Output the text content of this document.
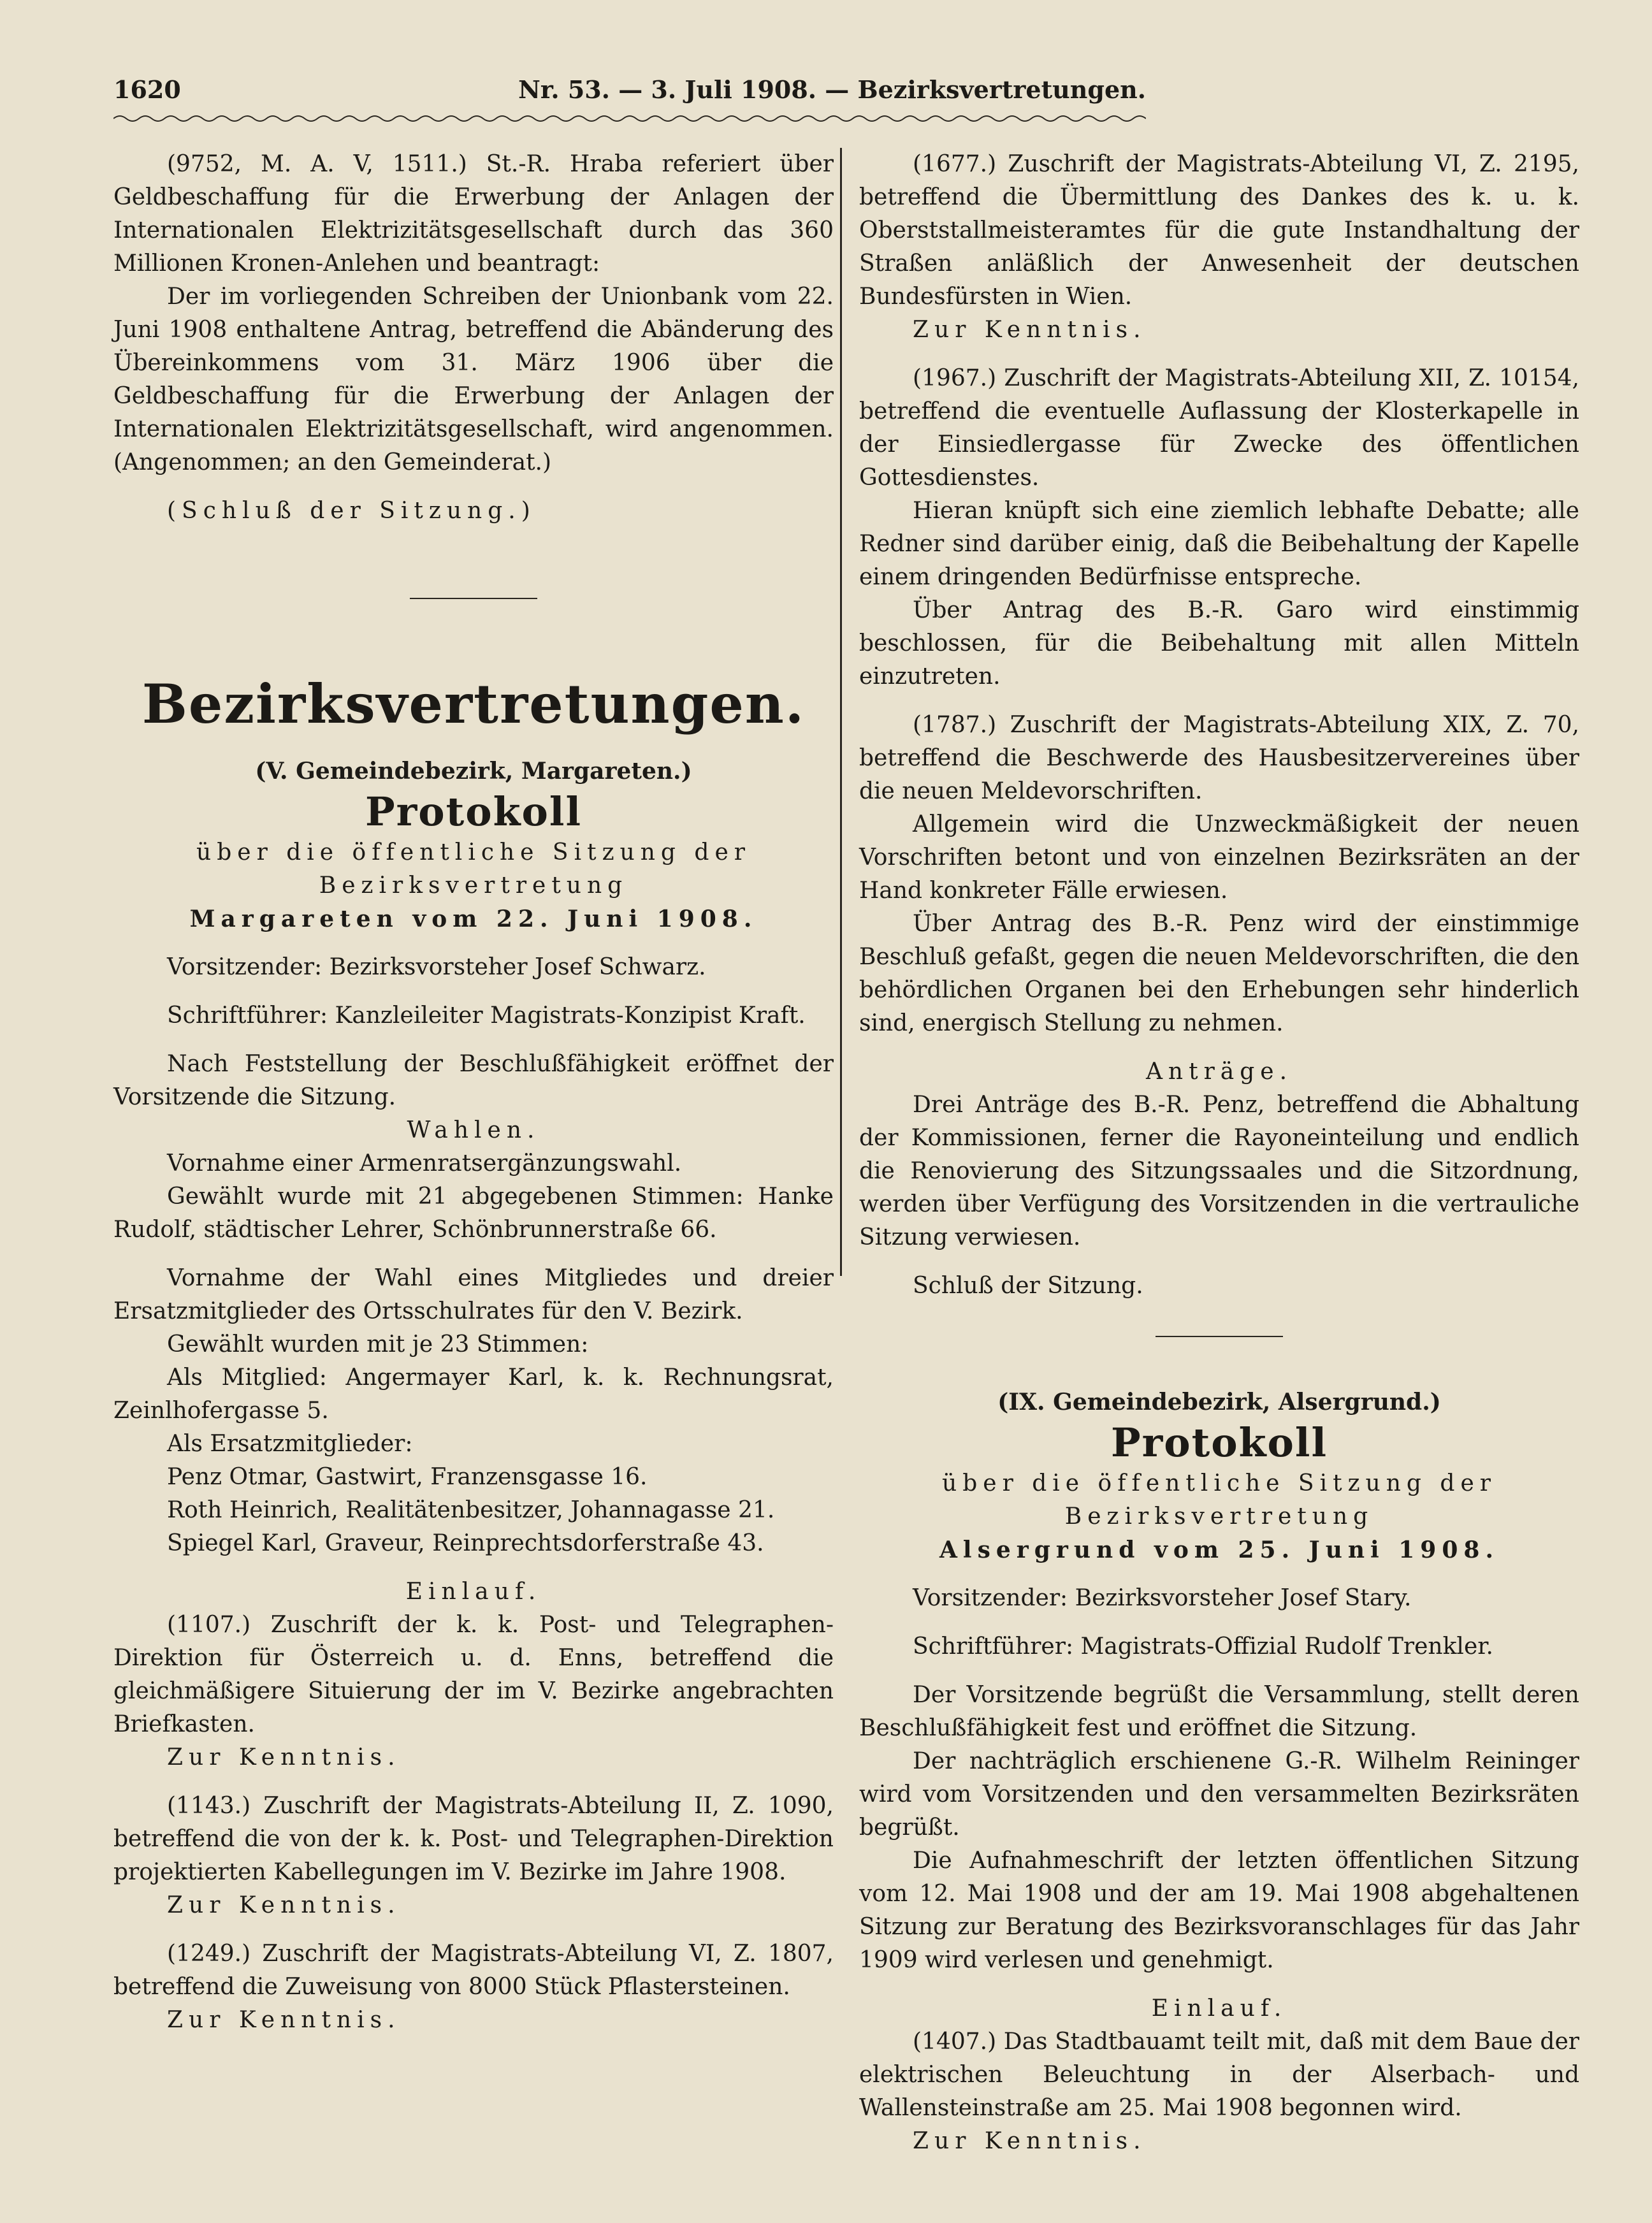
1620	Nr. 53. — 3. Juli 1908. — Bezirksvertretungen.

(9752, M. A. V, 1511.) St.-R. Hraba referiert über Geldbeschaffung für die Erwerbung der Anlagen der Internationalen Elektrizitätsgesellschaft durch das 360 Millionen Kronen-Anlehen und beantragt:

Der im vorliegenden Schreiben der Unionbank vom 22. Juni 1908 enthaltene Antrag, betreffend die Abänderung des Übereinkommens vom 31. März 1906 über die Geldbeschaffung für die Erwerbung der Anlagen der Internationalen Elektrizitätsgesellschaft, wird angenommen. (Angenommen; an den Gemeinderat.)

(Schluß der Sitzung.)

Bezirksvertretungen.

(V. Gemeindebezirk, Margareten.)

Protokoll

über die öffentliche Sitzung der Bezirksvertretung

Margareten vom 22. Juni 1908.

Vorsitzender: Bezirksvorsteher Josef Schwarz.

Schriftführer: Kanzleileiter Magistrats-Konzipist Kraft.

Nach Feststellung der Beschlußfähigkeit eröffnet der Vorsitzende die Sitzung.

Wahlen.

Vornahme einer Armenratsergänzungswahl.

Gewählt wurde mit 21 abgegebenen Stimmen: Hanke Rudolf, städtischer Lehrer, Schönbrunnerstraße 66.

Vornahme der Wahl eines Mitgliedes und dreier Ersatzmitglieder des Ortsschulrates für den V. Bezirk.

Gewählt wurden mit je 23 Stimmen:

Als Mitglied: Angermayer Karl, k. k. Rechnungsrat, Zeinlhofergasse 5.

Als Ersatzmitglieder:

Penz Otmar, Gastwirt, Franzensgasse 16.

Roth Heinrich, Realitätenbesitzer, Johannagasse 21.

Spiegel Karl, Graveur, Reinprechtsdorferstraße 43.

Einlauf.

(1107.) Zuschrift der k. k. Post- und Telegraphen-Direktion für Österreich u. d. Enns, betreffend die gleichmäßigere Situierung der im V. Bezirke angebrachten Briefkasten.

Zur Kenntnis.

(1143.) Zuschrift der Magistrats-Abteilung II, Z. 1090, betreffend die von der k. k. Post- und Telegraphen-Direktion projektierten Kabellegungen im V. Bezirke im Jahre 1908.

Zur Kenntnis.

(1249.) Zuschrift der Magistrats-Abteilung VI, Z. 1807, betreffend die Zuweisung von 8000 Stück Pflastersteinen.

Zur Kenntnis.

(1677.) Zuschrift der Magistrats-Abteilung VI, Z. 2195, betreffend die Übermittlung des Dankes des k. u. k. Oberststallmeisteramtes für die gute Instandhaltung der Straßen anläßlich der Anwesenheit der deutschen Bundesfürsten in Wien.

Zur Kenntnis.

(1967.) Zuschrift der Magistrats-Abteilung XII, Z. 10154, betreffend die eventuelle Auflassung der Klosterkapelle in der Einsiedlergasse für Zwecke des öffentlichen Gottesdienstes.

Hieran knüpft sich eine ziemlich lebhafte Debatte; alle Redner sind darüber einig, daß die Beibehaltung der Kapelle einem dringenden Bedürfnisse entspreche.

Über Antrag des B.-R. Garo wird einstimmig beschlossen, für die Beibehaltung mit allen Mitteln einzutreten.

(1787.) Zuschrift der Magistrats-Abteilung XIX, Z. 70, betreffend die Beschwerde des Hausbesitzervereines über die neuen Meldevorschriften.

Allgemein wird die Unzweckmäßigkeit der neuen Vorschriften betont und von einzelnen Bezirksräten an der Hand konkreter Fälle erwiesen.

Über Antrag des B.-R. Penz wird der einstimmige Beschluß gefaßt, gegen die neuen Meldevorschriften, die den behördlichen Organen bei den Erhebungen sehr hinderlich sind, energisch Stellung zu nehmen.

Anträge.

Drei Anträge des B.-R. Penz, betreffend die Abhaltung der Kommissionen, ferner die Rayoneinteilung und endlich die Renovierung des Sitzungssaales und die Sitzordnung, werden über Verfügung des Vorsitzenden in die vertrauliche Sitzung verwiesen.

Schluß der Sitzung.

(IX. Gemeindebezirk, Alsergrund.)

Protokoll

über die öffentliche Sitzung der Bezirksvertretung

Alsergrund vom 25. Juni 1908.

Vorsitzender: Bezirksvorsteher Josef Stary.

Schriftführer: Magistrats-Offizial Rudolf Trenkler.

Der Vorsitzende begrüßt die Versammlung, stellt deren Beschlußfähigkeit fest und eröffnet die Sitzung.

Der nachträglich erschienene G.-R. Wilhelm Reininger wird vom Vorsitzenden und den versammelten Bezirksräten begrüßt.

Die Aufnahmeschrift der letzten öffentlichen Sitzung vom 12. Mai 1908 und der am 19. Mai 1908 abgehaltenen Sitzung zur Beratung des Bezirksvoranschlages für das Jahr 1909 wird verlesen und genehmigt.

Einlauf.

(1407.) Das Stadtbauamt teilt mit, daß mit dem Baue der elektrischen Beleuchtung in der Alserbach- und Wallensteinstraße am 25. Mai 1908 begonnen wird.

Zur Kenntnis.
